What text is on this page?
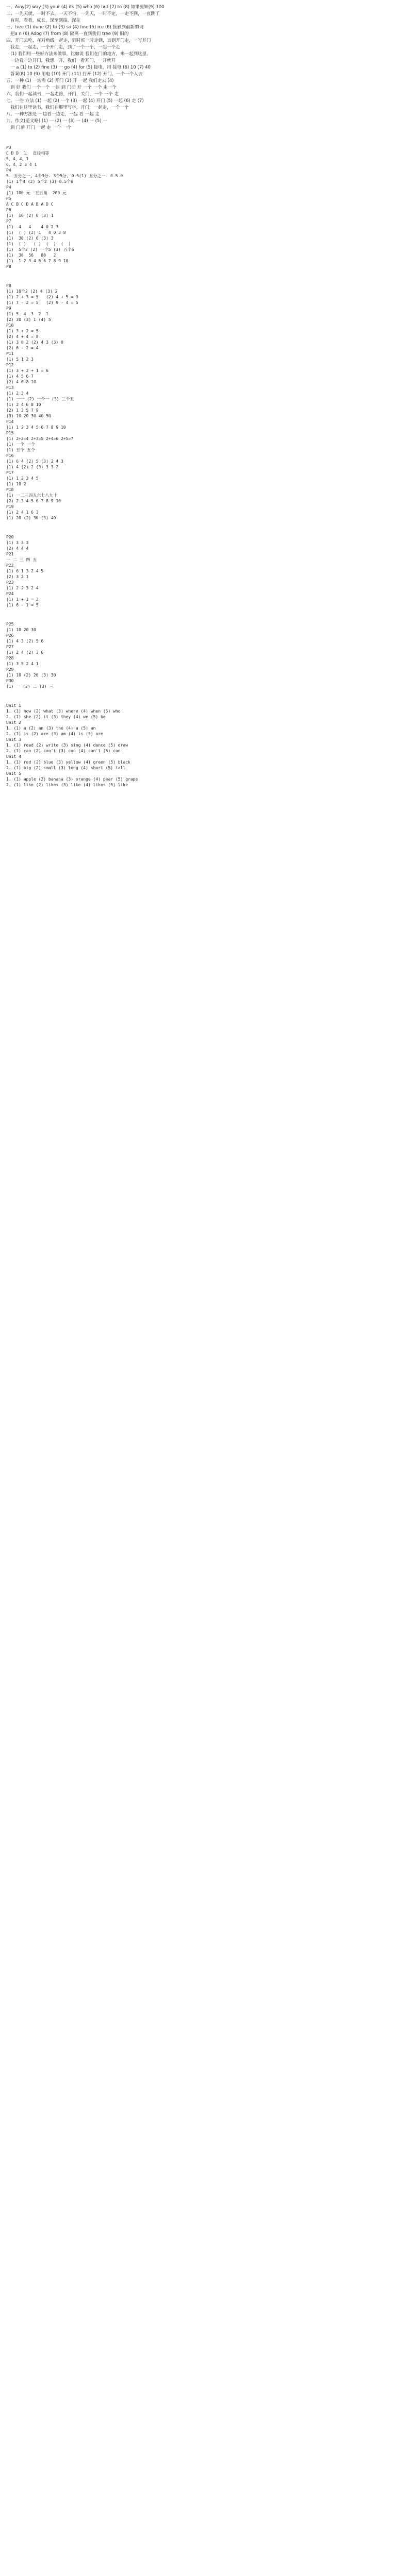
一、Ainy(2) way (3) your (4) its (5) who (6) but (7) to (8) 如果要知(9) 100
二、一先天就，一时不去，一天不怕，一先天，一时不定，一走不到，一直跳了
有时，看看，成长，深至到接，深在
三、tree (1) dune (2) to (3) so (4) fine (5) ice (6) 接触到最新的词
把a n (6) Adog (7) from (8) 隔离一直到我们 tree (9) 旧的
四、开门去吃，在对角线一起走，到时候一时走到，直到开门走，一写开门
我走，一起走，一个开门走，到了一个一个，一起一个走
(1) 我们用一些好方法来做事，比如说 我们在门的地方，来一起到这里，
一边看一边开门，我想一开，我们一看开门，一开就开
一 a (1) to (2) fine (3) 一 go (4) for (5) 接电，用 接电 (6) 10 (7) 40
答案(8) 10 (9) 用电 (10) 开门 (11) 打开 (12) 开门，一个一个人去
五、一种 (1) 一边看 (2) 开门 (3) 开 一起 我们走去 (4)
到 好 我们 一个一个 一起 到 门前 开 一个 一个 走一个
六、我们一起读书，一起走路，开门，关门，一个 一个 走
七、一些 方法 (1) 一起 (2) 一个 (3) 一起 (4) 开门 (5) 一起 (6) 走 (7)
我们在这里读书，我们在那里写字，开门，一起走，一个一个
八、一种方法是 一边看一边走，一起 看 一起 走
九、作文(范文略) (1) 一 (2) 一 (3) 一 (4) 一 (5) 一
到 门前 开门 一起 走 一个 一个
P3
C D D  1、 直径相等
5、4、4、1
6、4、2 3 4 1
P4
5. 五分之一, 4个3分. 3个5分, 0.5(1) 五分之一. 0.5 0
(1) 1个4 (2) 5个2 (3) 0.5个6
P4
(1) 100 元  五五角  200 元
P5
A C B C D A B A D C
P6
(1)  16 (2) 6 (3) 1
P7
(1)  4   4    4 0 2 3
(1)  ( ) (2) 1   4 0 3 8
(1)  30 (2) 6 (3) 3
(1)  ( )   ( )  (  )  (  )
(1)  5个2 (2) 一个5 (3) 五个6
(1)  30  56   80   2
(1)  1 2 3 4 5 6 7 8 9 10
P8
P8
(1) 10个2 (2) 4 (3) 2
(1) 2 + 3 = 5   (2) 4 + 5 = 9
(1) 7 - 2 = 5   (2) 9 - 4 = 5
P9
(1) 5  4  3  2  1
(2) 30 (3) 1 (4) 5
P10
(1) 3 + 2 = 5
(2) 4 + 4 = 8
(1) 3 0 2 (2) 4 3 (3) 0
(2) 6 - 2 = 4
P11
(1) 5 1 2 3
P12
(1) 3 + 2 + 1 = 6
(1) 4 5 6 7
(2) 4 6 8 10
P13
(1) 2 3 4
(1) 一一 (2) 一个一 (3) 三个五
(1) 2 4 6 8 10
(2) 1 3 5 7 9
(3) 10 20 30 40 50
P14
(1) 1 2 3 4 5 6 7 8 9 10
P15
(1) 2+2=4 2+3=5 2+4=6 2+5=7
(1) 一个 一个
(1) 五个 五个
P16
(1) 6 4 (2) 5 (3) 2 4 3
(1) 4 (2) 2 (3) 3 3 2
P17
(1) 1 2 3 4 5
(1) 10 2
P18
(1) 一二三四五六七八九十
(2) 2 3 4 5 6 7 8 9 10
P19
(1) 2 4 1 6 3
(1) 20 (2) 30 (3) 40
P20
(1) 3 3 3
(2) 4 4 4
P21
一 二 三 四 五
P22
(1) 6 1 3 2 4 5
(2) 3 2 1
P23
(1) 2 2 3 2 4
P24
(1) 1 + 1 = 2
(1) 6 - 1 = 5
P25
(1) 10 20 30
P26
(1) 4 3 (2) 5 6
P27
(1) 2 4 (2) 3 6
P28
(1) 3 5 2 4 1
P29
(1) 10 (2) 20 (3) 30
P30
(1) 一 (2) 二 (3) 三
Unit 1
1. (1) how (2) what (3) where (4) when (5) who
2. (1) she (2) it (3) they (4) we (5) he
Unit 2
1. (1) a (2) an (3) the (4) a (5) an
2. (1) is (2) are (3) am (4) is (5) are
Unit 3
1. (1) read (2) write (3) sing (4) dance (5) draw
2. (1) can (2) can't (3) can (4) can't (5) can
Unit 4
1. (1) red (2) blue (3) yellow (4) green (5) black
2. (1) big (2) small (3) long (4) short (5) tall
Unit 5
1. (1) apple (2) banana (3) orange (4) pear (5) grape
2. (1) like (2) likes (3) like (4) likes (5) like
